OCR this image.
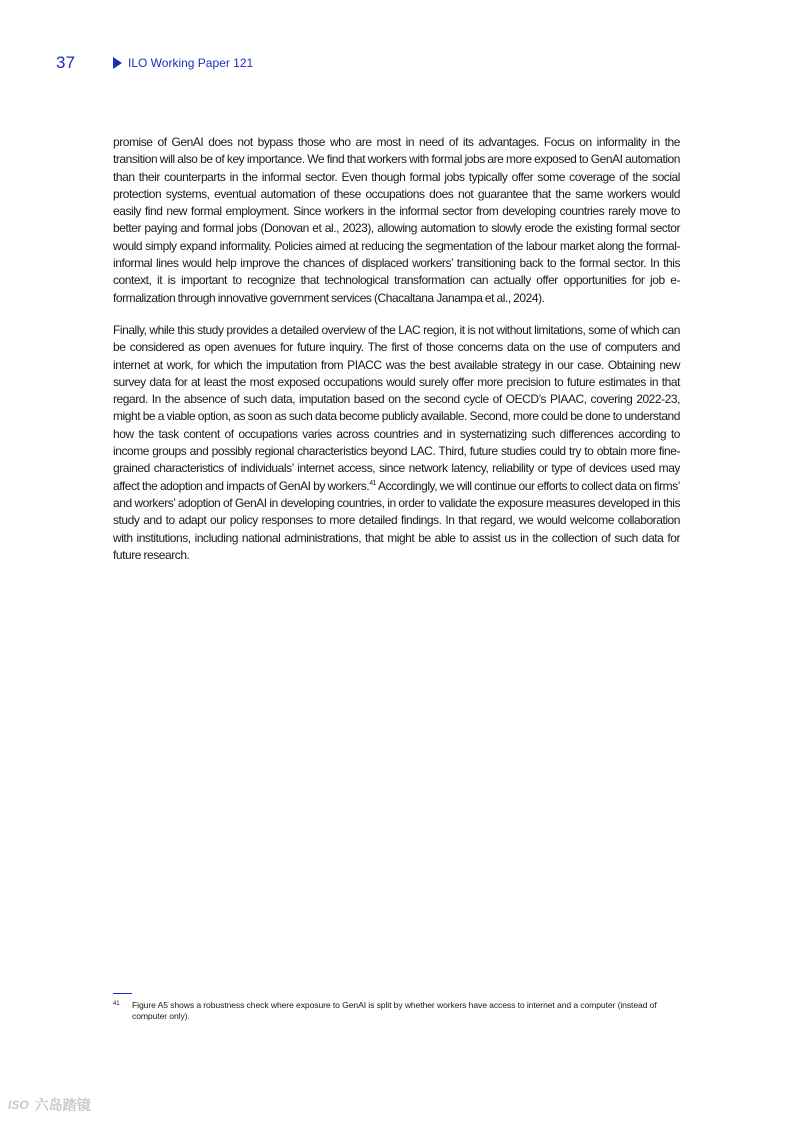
37	ILO Working Paper 121

promise of GenAI does not bypass those who are most in need of its advantages. Focus on informality in the transition will also be of key importance. We find that workers with formal jobs are more exposed to GenAI automation than their counterparts in the informal sector. Even though formal jobs typically offer some coverage of the social protection systems, eventual automation of these occupations does not guarantee that the same workers would easily find new formal employment. Since workers in the informal sector from developing countries rarely move to better paying and formal jobs (Donovan et al., 2023), allowing automation to slowly erode the existing formal sector would simply expand informality. Policies aimed at reducing the segmentation of the labour market along the formal-informal lines would help improve the chances of displaced workers’ transitioning back to the formal sector. In this context, it is important to recognize that technological transformation can actually offer opportunities for job e-formalization through innovative government services (Chacaltana Janampa et al., 2024).

Finally, while this study provides a detailed overview of the LAC region, it is not without limitations, some of which can be considered as open avenues for future inquiry. The first of those concerns data on the use of computers and internet at work, for which the imputation from PIACC was the best available strategy in our case. Obtaining new survey data for at least the most exposed occupations would surely offer more precision to future estimates in that regard. In the absence of such data, imputation based on the second cycle of OECD’s PIAAC, covering 2022-23, might be a viable option, as soon as such data become publicly available. Second, more could be done to understand how the task content of occupations varies across countries and in systematizing such differences according to income groups and possibly regional characteristics beyond LAC. Third, future studies could try to obtain more fine-grained characteristics of individuals’ internet access, since network latency, reliability or type of devices used may affect the adoption and impacts of GenAI by workers.$^{41}$ Accordingly, we will continue our efforts to collect data on firms’ and workers’ adoption of GenAI in developing countries, in order to validate the exposure measures developed in this study and to adapt our policy responses to more detailed findings. In that regard, we would welcome collaboration with institutions, including national administrations, that might be able to assist us in the collection of such data for future research.

41	Figure A5 shows a robustness check where exposure to GenAI is split by whether workers have access to internet and a computer (instead of computer only).
ISO 六岛踏镜
